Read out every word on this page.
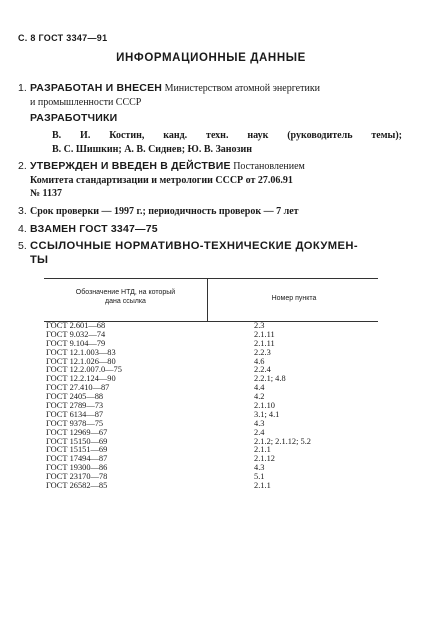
С. 8 ГОСТ 3347—91
ИНФОРМАЦИОННЫЕ ДАННЫЕ
1. РАЗРАБОТАН И ВНЕСЕН Министерством атомной энергетики
и промышленности СССР
РАЗРАБОТЧИКИ
В. И. Костин, канд. техн. наук (руководитель темы);
В. С. Шишкин; А. В. Сиднев; Ю. В. Занозин
2. УТВЕРЖДЕН И ВВЕДЕН В ДЕЙСТВИЕ Постановлением
Комитета стандартизации и метрологии СССР от 27.06.91
№ 1137
3. Срок проверки — 1997 г.; периодичность проверок — 7 лет
4. ВЗАМЕН ГОСТ 3347—75
5. ССЫЛОЧНЫЕ НОРМАТИВНО-ТЕХНИЧЕСКИЕ ДОКУМЕН-
ТЫ
Обозначение НТД, на который
дана ссылка	Номер пункта
ГОСТ 2.601—68	2.3
ГОСТ 9.032—74	2.1.11
ГОСТ 9.104—79	2.1.11
ГОСТ 12.1.003—83	2.2.3
ГОСТ 12.1.026—80	4.6
ГОСТ 12.2.007.0—75	2.2.4
ГОСТ 12.2.124—90	2.2.1; 4.8
ГОСТ 27.410—87	4.4
ГОСТ 2405—88	4.2
ГОСТ 2789—73	2.1.10
ГОСТ 6134—87	3.1; 4.1
ГОСТ 9378—75	4.3
ГОСТ 12969—67	2.4
ГОСТ 15150—69	2.1.2; 2.1.12; 5.2
ГОСТ 15151—69	2.1.1
ГОСТ 17494—87	2.1.12
ГОСТ 19300—86	4.3
ГОСТ 23170—78	5.1
ГОСТ 26582—85	2.1.1
